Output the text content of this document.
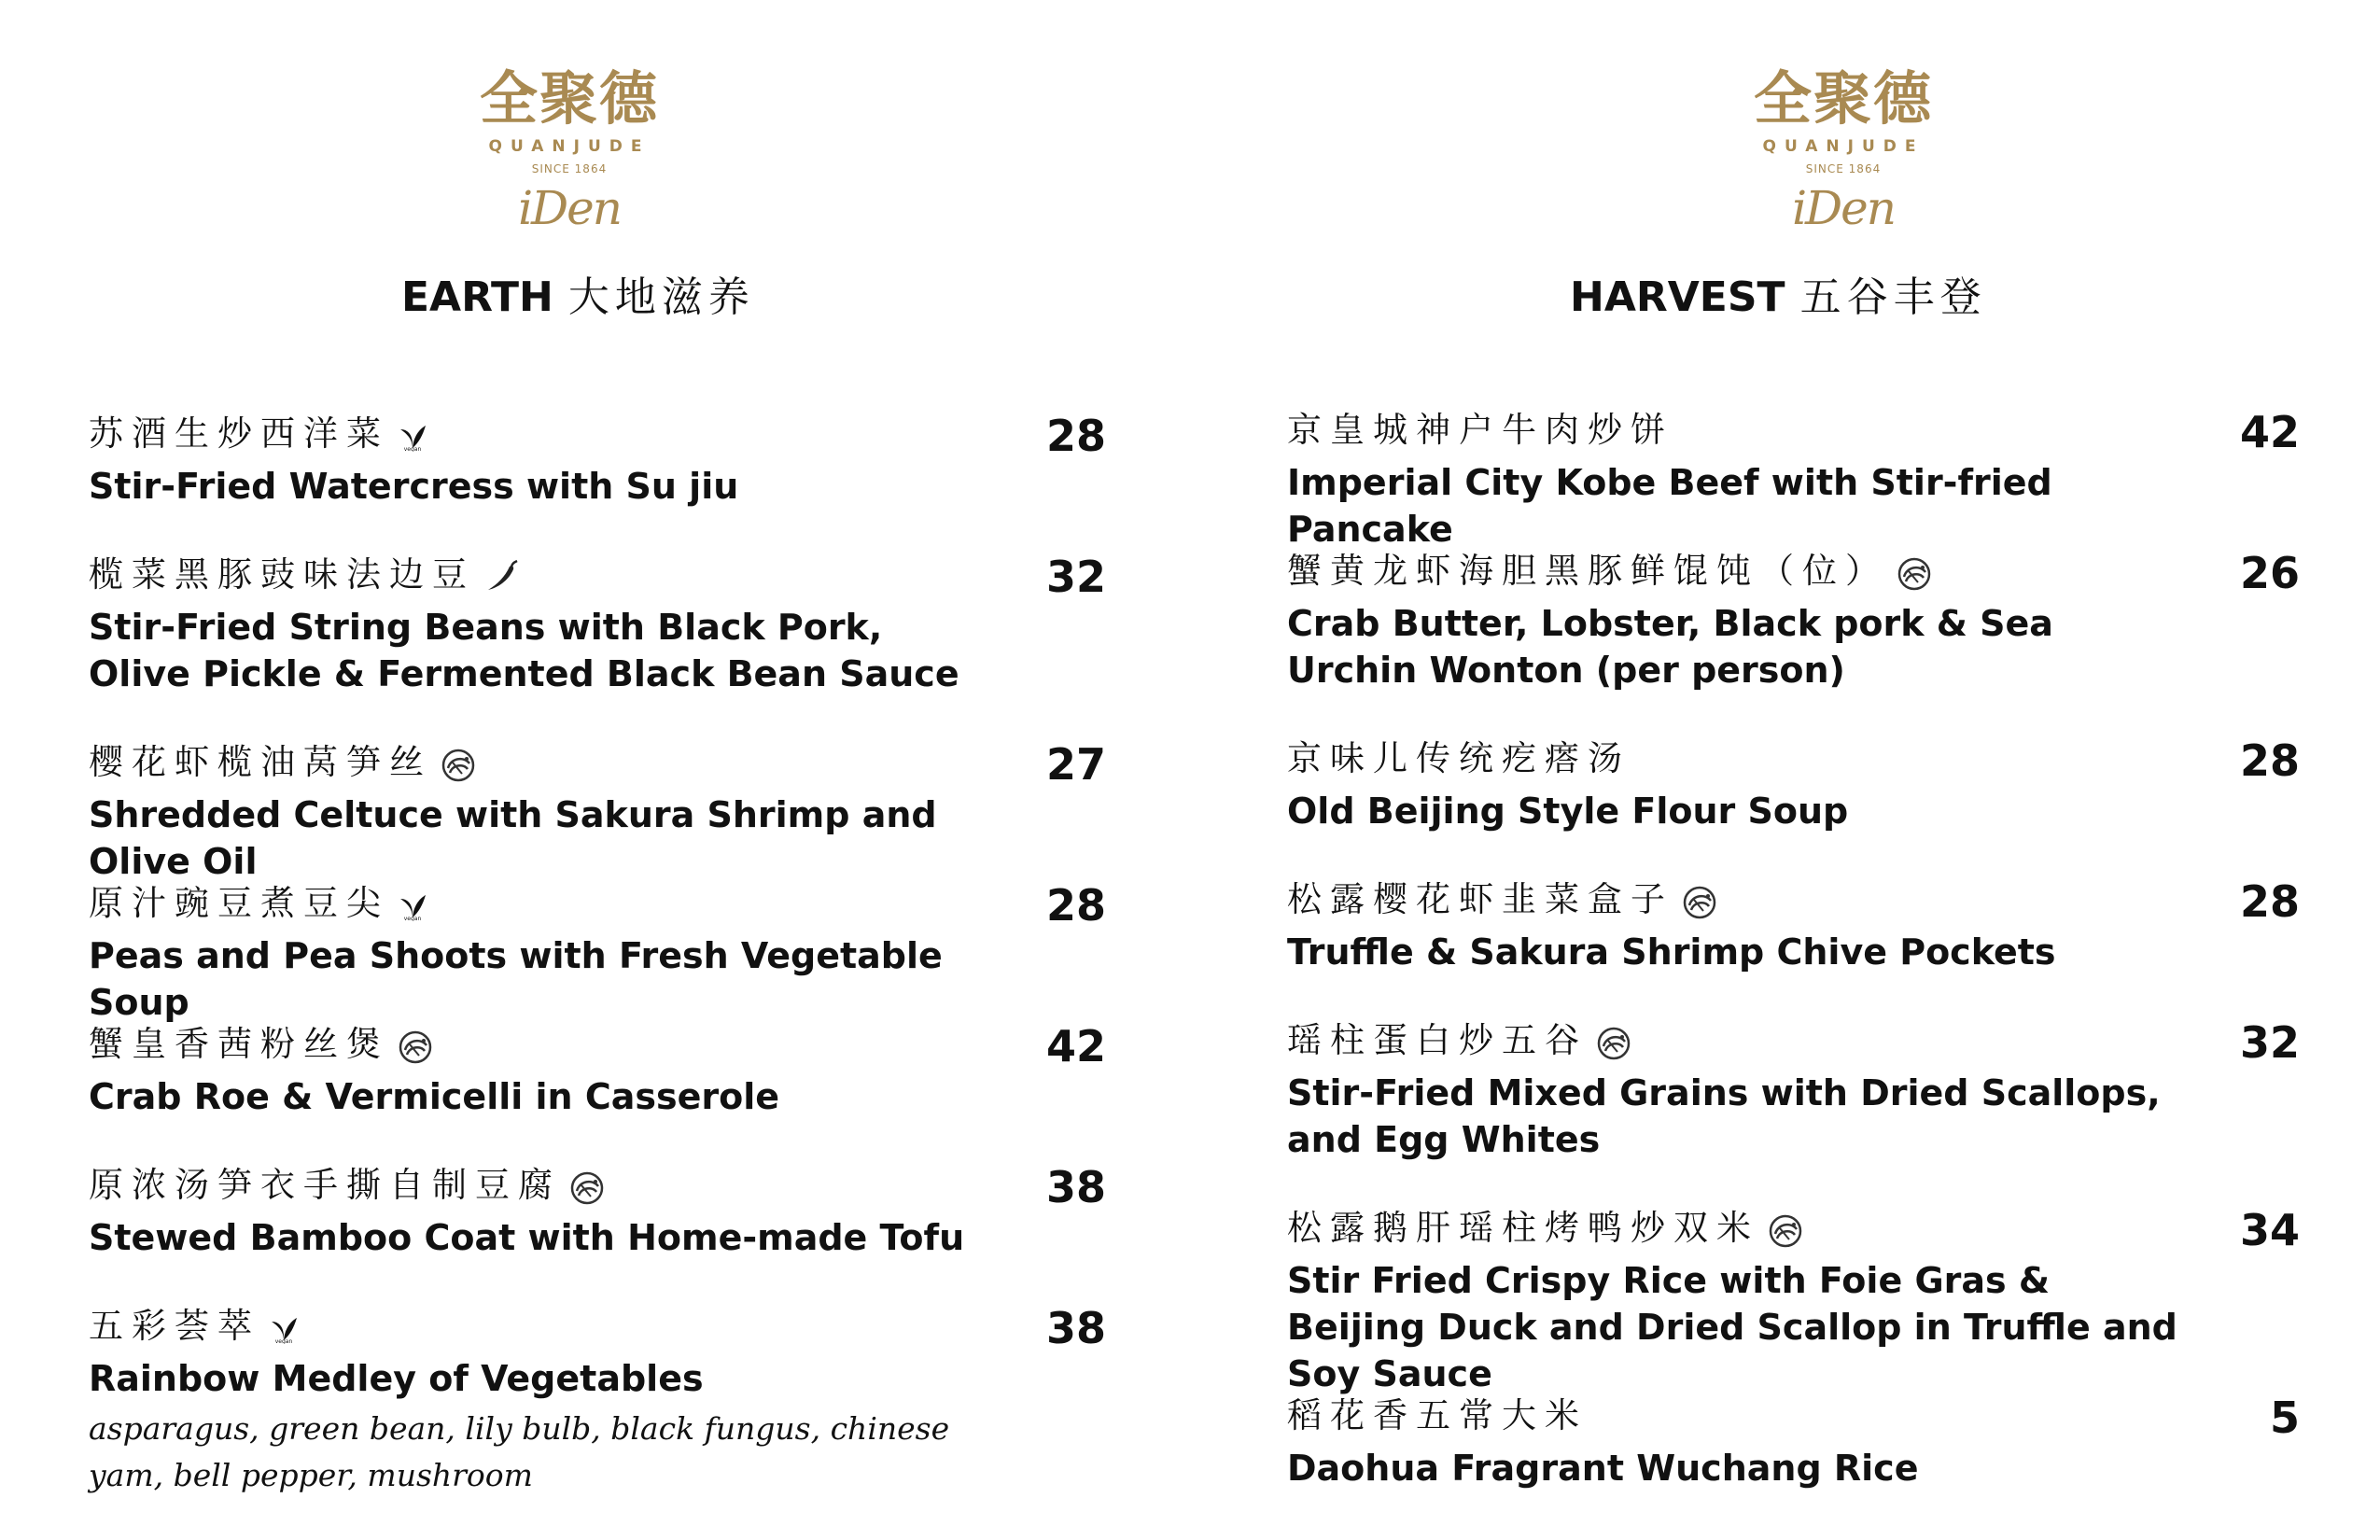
全聚德
QUANJUDE
SINCE 1864
iDen
EARTH 大地滋养
苏酒生炒西洋菜	vegan
Stir-Fried Watercress with Su jiu
28
榄菜黑豚豉味法边豆
Stir-Fried String Beans with Black Pork, Olive Pickle & Fermented Black Bean Sauce
32
樱花虾榄油莴笋丝
Shredded Celtuce with Sakura Shrimp and Olive Oil
27
原汁豌豆煮豆尖	vegan
Peas and Pea Shoots with Fresh Vegetable Soup
28
蟹皇香茜粉丝煲
Crab Roe & Vermicelli in Casserole
42
原浓汤笋衣手撕自制豆腐
Stewed Bamboo Coat with Home-made Tofu
38
五彩荟萃	vegan
Rainbow Medley of Vegetables
asparagus, green bean, lily bulb, black fungus, chinese yam, bell pepper, mushroom
38
全聚德
QUANJUDE
SINCE 1864
iDen
HARVEST 五谷丰登
京皇城神户牛肉炒饼
Imperial City Kobe Beef with Stir-fried Pancake
42
蟹黄龙虾海胆黑豚鲜馄饨（位）
Crab Butter, Lobster, Black pork & Sea Urchin Wonton (per person)
26
京味儿传统疙瘩汤
Old Beijing Style Flour Soup
28
松露樱花虾韭菜盒子
Truffle & Sakura Shrimp Chive Pockets
28
瑶柱蛋白炒五谷
Stir-Fried Mixed Grains with Dried Scallops, and Egg Whites
32
松露鹅肝瑶柱烤鸭炒双米
Stir Fried Crispy Rice with Foie Gras & Beijing Duck and Dried Scallop in Truffle and Soy Sauce
34
稻花香五常大米
Daohua Fragrant Wuchang Rice
5
